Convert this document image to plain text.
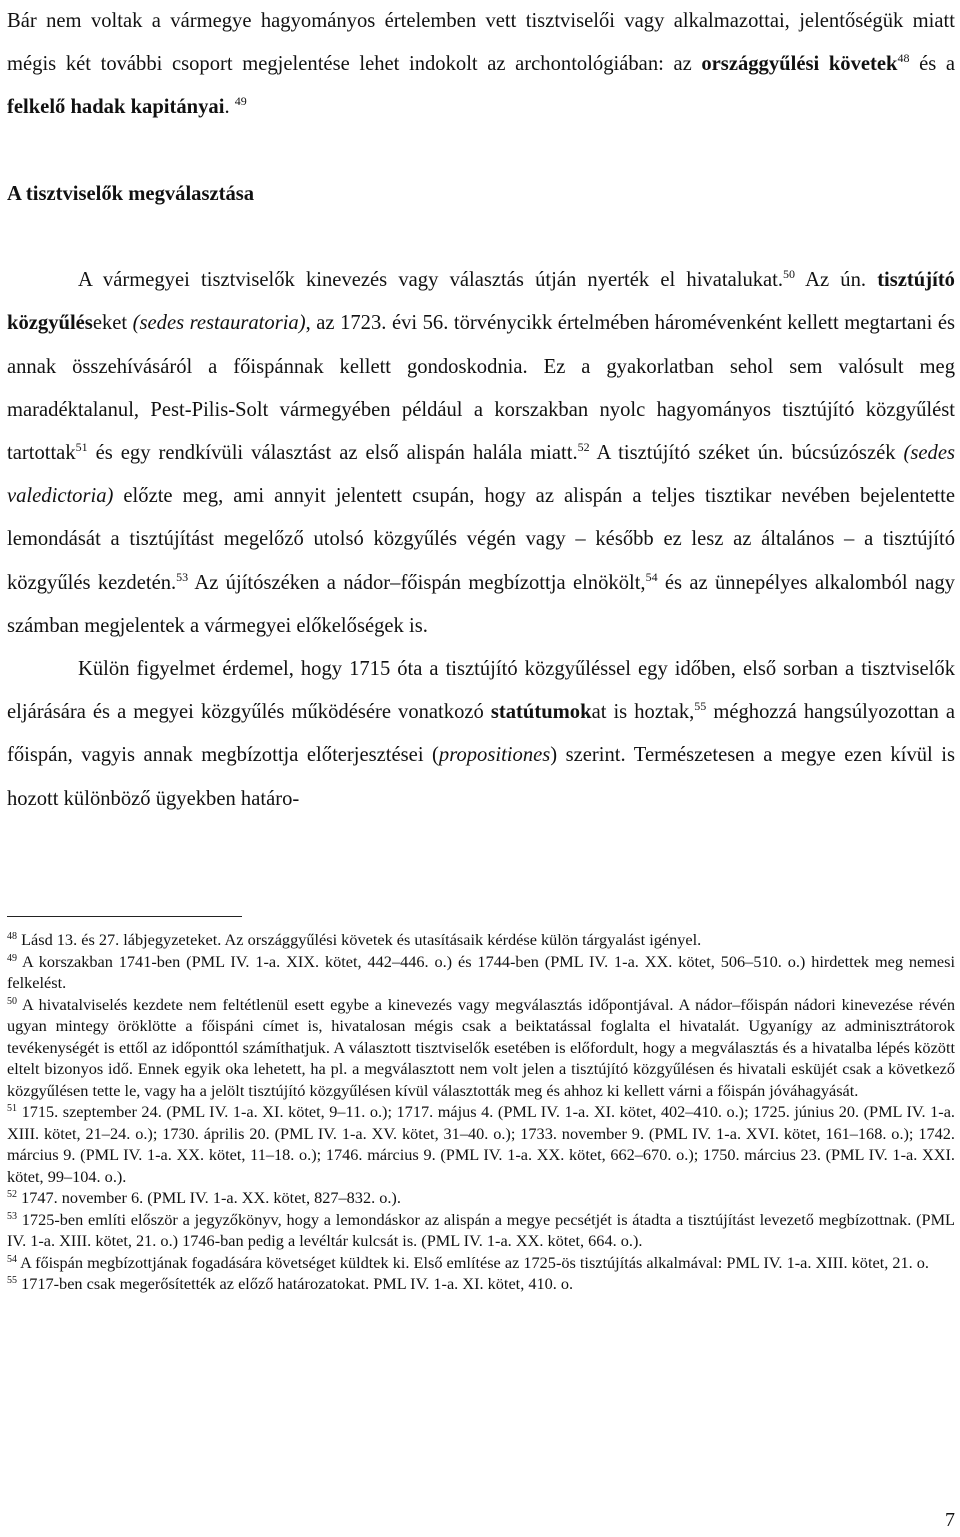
Bár nem voltak a vármegye hagyományos értelemben vett tisztviselői vagy alkalmazottai, jelentőségük miatt mégis két további csoport megjelentése lehet indokolt az archontológiában: az országgyűlési követek$^{48}$ és a felkelő hadak kapitányai. $^{49}$

A tisztviselők megválasztása

A vármegyei tisztviselők kinevezés vagy választás útján nyerték el hivatalukat.$^{50}$ Az ún. tisztújító közgyűléseket (sedes restauratoria), az 1723. évi 56. törvénycikk értelmében háromévenként kellett megtartani és annak összehívásáról a főispánnak kellett gondoskodnia. Ez a gyakorlatban sehol sem valósult meg maradéktalanul, Pest-Pilis-Solt vármegyében például a korszakban nyolc hagyományos tisztújító közgyűlést tartottak$^{51}$ és egy rendkívüli választást az első alispán halála miatt.$^{52}$ A tisztújító széket ún. búcsúzószék (sedes valedictoria) előzte meg, ami annyit jelentett csupán, hogy az alispán a teljes tisztikar nevében bejelentette lemondását a tisztújítást megelőző utolsó közgyűlés végén vagy – később ez lesz az általános – a tisztújító közgyűlés kezdetén.$^{53}$ Az újítószéken a nádor–főispán megbízottja elnökölt,$^{54}$ és az ünnepélyes alkalomból nagy számban megjelentek a vármegyei előkelőségek is.

Külön figyelmet érdemel, hogy 1715 óta a tisztújító közgyűléssel egy időben, első sorban a tisztviselők eljárására és a megyei közgyűlés működésére vonatkozó statútumokat is hoztak,$^{55}$ méghozzá hangsúlyozottan a főispán, vagyis annak megbízottja előterjesztései (propositiones) szerint. Természetesen a megye ezen kívül is hozott különböző ügyekben határo-

$^{48}$ Lásd 13. és 27. lábjegyzeteket. Az országgyűlési követek és utasításaik kérdése külön tárgyalást igényel.

$^{49}$ A korszakban 1741-ben (PML IV. 1-a. XIX. kötet, 442–446. o.) és 1744-ben (PML IV. 1-a. XX. kötet, 506–510. o.) hirdettek meg nemesi felkelést.

$^{50}$ A hivatalviselés kezdete nem feltétlenül esett egybe a kinevezés vagy megválasztás időpontjával. A nádor–főispán nádori kinevezése révén ugyan mintegy öröklötte a főispáni címet is, hivatalosan mégis csak a beiktatással foglalta el hivatalát. Ugyanígy az adminisztrátorok tevékenységét is ettől az időponttól számíthatjuk. A választott tisztviselők esetében is előfordult, hogy a megválasztás és a hivatalba lépés között eltelt bizonyos idő. Ennek egyik oka lehetett, ha pl. a megválasztott nem volt jelen a tisztújító közgyűlésen és hivatali esküjét csak a következő közgyűlésen tette le, vagy ha a jelölt tisztújító közgyűlésen kívül választották meg és ahhoz ki kellett várni a főispán jóváhagyását.

$^{51}$ 1715. szeptember 24. (PML IV. 1-a. XI. kötet, 9–11. o.); 1717. május 4. (PML IV. 1-a. XI. kötet, 402–410. o.); 1725. június 20. (PML IV. 1-a. XIII. kötet, 21–24. o.); 1730. április 20. (PML IV. 1-a. XV. kötet, 31–40. o.); 1733. november 9. (PML IV. 1-a. XVI. kötet, 161–168. o.); 1742. március 9. (PML IV. 1-a. XX. kötet, 11–18. o.); 1746. március 9. (PML IV. 1-a. XX. kötet, 662–670. o.); 1750. március 23. (PML IV. 1-a. XXI. kötet, 99–104. o.).

$^{52}$ 1747. november 6. (PML IV. 1-a. XX. kötet, 827–832. o.).

$^{53}$ 1725-ben említi először a jegyzőkönyv, hogy a lemondáskor az alispán a megye pecsétjét is átadta a tisztújítást levezető megbízottnak. (PML IV. 1-a. XIII. kötet, 21. o.) 1746-ban pedig a levéltár kulcsát is. (PML IV. 1-a. XX. kötet, 664. o.).

$^{54}$ A főispán megbízottjának fogadására követséget küldtek ki. Első említése az 1725-ös tisztújítás alkalmával: PML IV. 1-a. XIII. kötet, 21. o.

$^{55}$ 1717-ben csak megerősítették az előző határozatokat. PML IV. 1-a. XI. kötet, 410. o.

7
